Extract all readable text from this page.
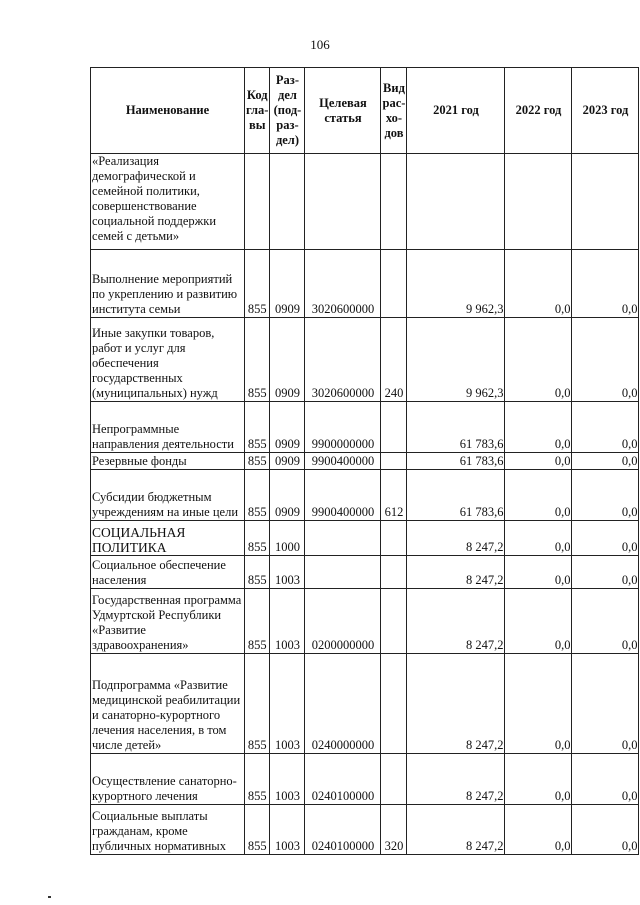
106
Наименование	Код гла- вы	Раз- дел (под- раз- дел)	Целевая статья	Вид рас- хо- дов	2021 год	2022 год	2023 год
«Реализация демографической и семейной политики, совершенствование социальной поддержки семей с детьми»							
Выполнение мероприятий по укреплению и развитию института семьи	855	0909	3020600000		9 962,3	0,0	0,0
Иные закупки товаров, работ и услуг для обеспечения государственных (муниципальных) нужд	855	0909	3020600000	240	9 962,3	0,0	0,0
Непрограммные направления деятельности	855	0909	9900000000		61 783,6	0,0	0,0
Резервные фонды	855	0909	9900400000		61 783,6	0,0	0,0
Субсидии бюджетным учреждениям на иные цели	855	0909	9900400000	612	61 783,6	0,0	0,0
СОЦИАЛЬНАЯ ПОЛИТИКА	855	1000			8 247,2	0,0	0,0
Социальное обеспечение населения	855	1003			8 247,2	0,0	0,0
Государственная программа Удмуртской Республики «Развитие здравоохранения»	855	1003	0200000000		8 247,2	0,0	0,0
Подпрограмма «Развитие медицинской реабилитации и санаторно-курортного лечения населения, в том числе детей»	855	1003	0240000000		8 247,2	0,0	0,0
Осуществление санаторно-курортного лечения	855	1003	0240100000		8 247,2	0,0	0,0
Социальные выплаты гражданам, кроме публичных нормативных	855	1003	0240100000	320	8 247,2	0,0	0,0
